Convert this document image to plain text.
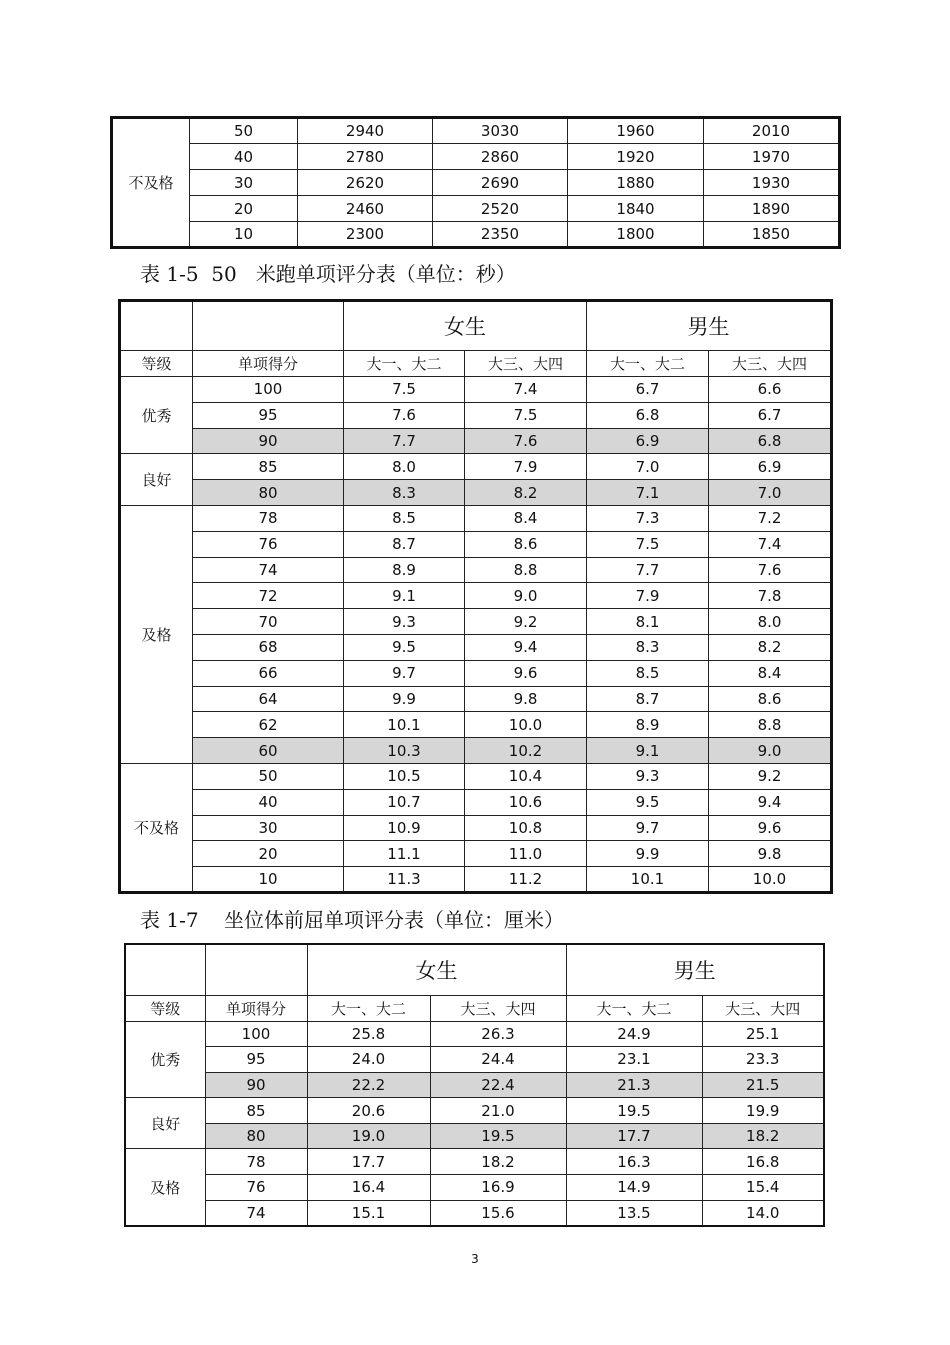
不及格	50	2940	3030	1960	2010
	40	2780	2860	1920	1970
	30	2620	2690	1880	1930
	20	2460	2520	1840	1890
	10	2300	2350	1800	1850
表 1-5  50   米跑单项评分表（单位：秒）
		女生		男生	
等级	单项得分	大一、大二	大三、大四	大一、大二	大三、大四
优秀	100	7.5	7.4	6.7	6.6
	95	7.6	7.5	6.8	6.7
	90	7.7	7.6	6.9	6.8
良好	85	8.0	7.9	7.0	6.9
	80	8.3	8.2	7.1	7.0
及格	78	8.5	8.4	7.3	7.2
	76	8.7	8.6	7.5	7.4
	74	8.9	8.8	7.7	7.6
	72	9.1	9.0	7.9	7.8
	70	9.3	9.2	8.1	8.0
	68	9.5	9.4	8.3	8.2
	66	9.7	9.6	8.5	8.4
	64	9.9	9.8	8.7	8.6
	62	10.1	10.0	8.9	8.8
	60	10.3	10.2	9.1	9.0
不及格	50	10.5	10.4	9.3	9.2
	40	10.7	10.6	9.5	9.4
	30	10.9	10.8	9.7	9.6
	20	11.1	11.0	9.9	9.8
	10	11.3	11.2	10.1	10.0
表 1-7    坐位体前屈单项评分表（单位：厘米）
		女生		男生	
等级	单项得分	大一、大二	大三、大四	大一、大二	大三、大四
优秀	100	25.8	26.3	24.9	25.1
	95	24.0	24.4	23.1	23.3
	90	22.2	22.4	21.3	21.5
良好	85	20.6	21.0	19.5	19.9
	80	19.0	19.5	17.7	18.2
及格	78	17.7	18.2	16.3	16.8
	76	16.4	16.9	14.9	15.4
	74	15.1	15.6	13.5	14.0
3
